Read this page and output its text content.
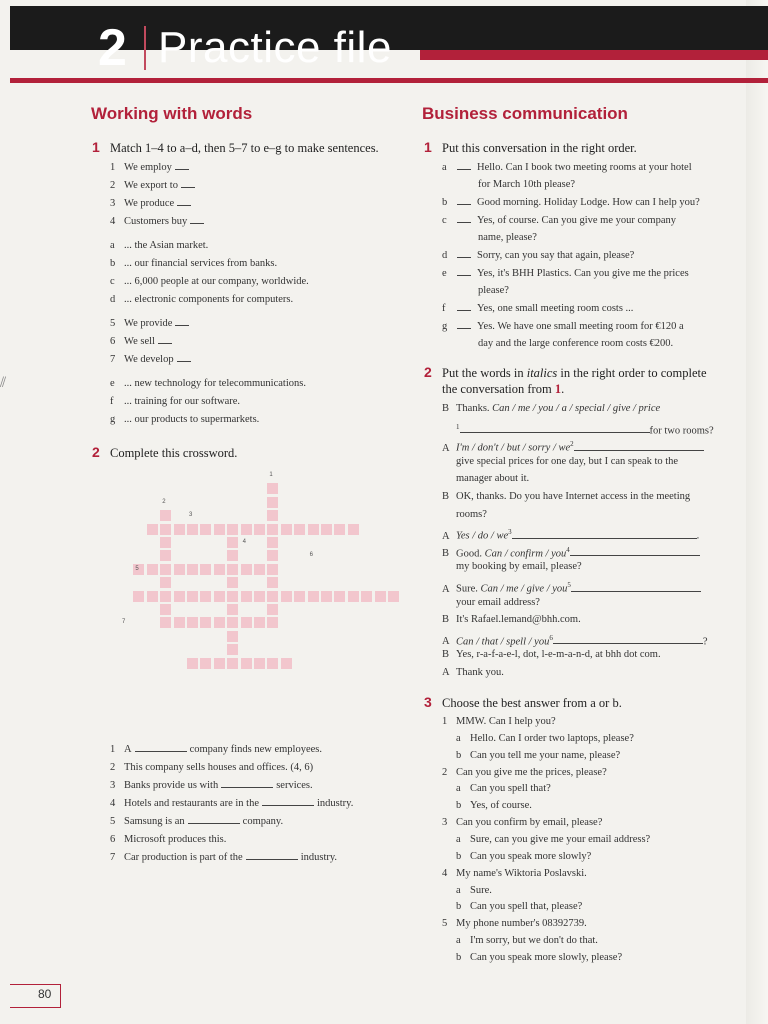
2 Practice file
⫽
Working with words
1 Match 1–4 to a–d, then 5–7 to e–g to make sentences.
1 We employ
2 We export to
3 We produce
4 Customers buy
a ... the Asian market.
b ... our financial services from banks.
c ... 6,000 people at our company, worldwide.
d ... electronic components for computers.
5 We provide
6 We sell
7 We develop
e ... new technology for telecommunications.
f ... training for our software.
g ... our products to supermarkets.
2 Complete this crossword.
1
2
3
4
6
5
7
1 A	company finds new employees.
2 This company sells houses and offices. (4, 6)
3 Banks provide us with	services.
4 Hotels and restaurants are in the	industry.
5 Samsung is an	company.
6 Microsoft produces this.
7 Car production is part of the	industry.
Business communication
1 Put this conversation in the right order.
a	Hello. Can I book two meeting rooms at your hotel
for March 10th please?
b	Good morning. Holiday Lodge. How can I help you?
c	Yes, of course. Can you give me your company
name, please?
d	Sorry, can you say that again, please?
e	Yes, it's BHH Plastics. Can you give me the prices
please?
f	Yes, one small meeting room costs ...
g	Yes. We have one small meeting room for €120 a
day and the large conference room costs €200.
2 Put the words in italics in the right order to complete
the conversation from 1.
B Thanks. Can / me / you / a / special / give / price
$^1$	for two rooms?
A I'm / don't / but / sorry / $we^2$
give special prices for one day, but I can speak to the
manager about it.
B OK, thanks. Do you have Internet access in the meeting
rooms?
A Yes / do / $we^3$	.
B Good. Can / confirm / you$^4$
my booking by email, please?
A Sure. Can / me / give / you$^5$
your email address?
B It's Rafael.lemand@bhh.com.
A Can / that / spell / you$^6$	?
B Yes, r-a-f-a-e-l, dot, l-e-m-a-n-d, at bhh dot com.
A Thank you.
3 Choose the best answer from a or b.
1 MMW. Can I help you?
a Hello. Can I order two laptops, please?
b Can you tell me your name, please?
2 Can you give me the prices, please?
a Can you spell that?
b Yes, of course.
3 Can you confirm by email, please?
a Sure, can you give me your email address?
b Can you speak more slowly?
4 My name's Wiktoria Poslavski.
a Sure.
b Can you spell that, please?
5 My phone number's 08392739.
a I'm sorry, but we don't do that.
b Can you speak more slowly, please?
80
